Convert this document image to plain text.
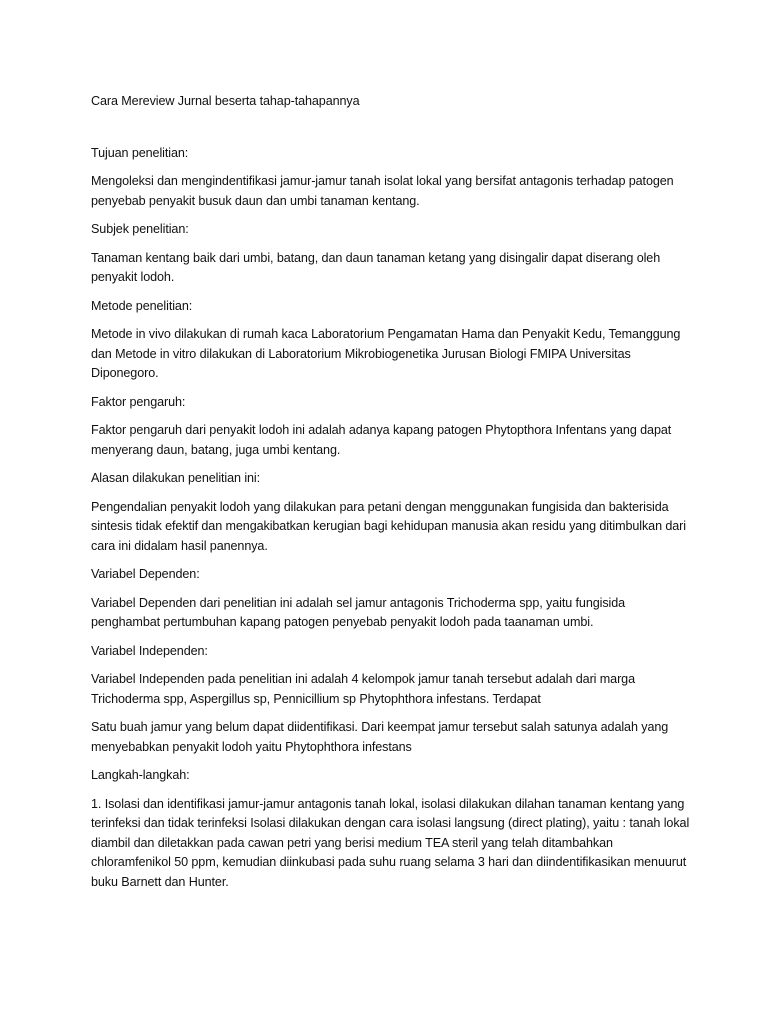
Cara Mereview Jurnal beserta tahap-tahapannya

Tujuan penelitian:

Mengoleksi dan mengindentifikasi jamur-jamur tanah isolat lokal yang bersifat antagonis terhadap patogen penyebab penyakit busuk daun dan umbi tanaman kentang.

Subjek penelitian:

Tanaman kentang baik dari umbi, batang, dan daun tanaman ketang yang disingalir dapat diserang oleh penyakit lodoh.

Metode penelitian:

Metode in vivo dilakukan di rumah kaca Laboratorium Pengamatan Hama dan Penyakit Kedu, Temanggung dan Metode in vitro dilakukan di Laboratorium Mikrobiogenetika Jurusan Biologi FMIPA Universitas Diponegoro.

Faktor pengaruh:

Faktor pengaruh dari penyakit lodoh ini adalah adanya kapang patogen Phytopthora Infentans yang dapat menyerang daun, batang, juga umbi kentang.

Alasan dilakukan penelitian ini:

Pengendalian penyakit lodoh yang dilakukan para petani dengan menggunakan fungisida dan bakterisida sintesis tidak efektif dan mengakibatkan kerugian bagi kehidupan manusia akan residu yang ditimbulkan dari cara ini didalam hasil panennya.

Variabel Dependen:

Variabel Dependen dari penelitian ini adalah sel jamur antagonis Trichoderma spp, yaitu fungisida penghambat pertumbuhan kapang patogen penyebab penyakit lodoh pada taanaman umbi.

Variabel Independen:

Variabel Independen pada penelitian ini adalah 4 kelompok jamur tanah tersebut adalah dari marga Trichoderma spp, Aspergillus sp, Pennicillium sp Phytophthora infestans. Terdapat

Satu buah jamur yang belum dapat diidentifikasi. Dari keempat jamur tersebut salah satunya adalah yang menyebabkan penyakit lodoh yaitu Phytophthora infestans

Langkah-langkah:

1. Isolasi dan identifikasi jamur-jamur antagonis tanah lokal, isolasi dilakukan dilahan tanaman kentang yang terinfeksi dan tidak terinfeksi Isolasi dilakukan dengan cara isolasi langsung (direct plating), yaitu : tanah lokal diambil dan diletakkan pada cawan petri yang berisi medium TEA steril yang telah ditambahkan chloramfenikol 50 ppm, kemudian diinkubasi pada suhu ruang selama 3 hari dan diindentifikasikan menuurut buku Barnett dan Hunter.
